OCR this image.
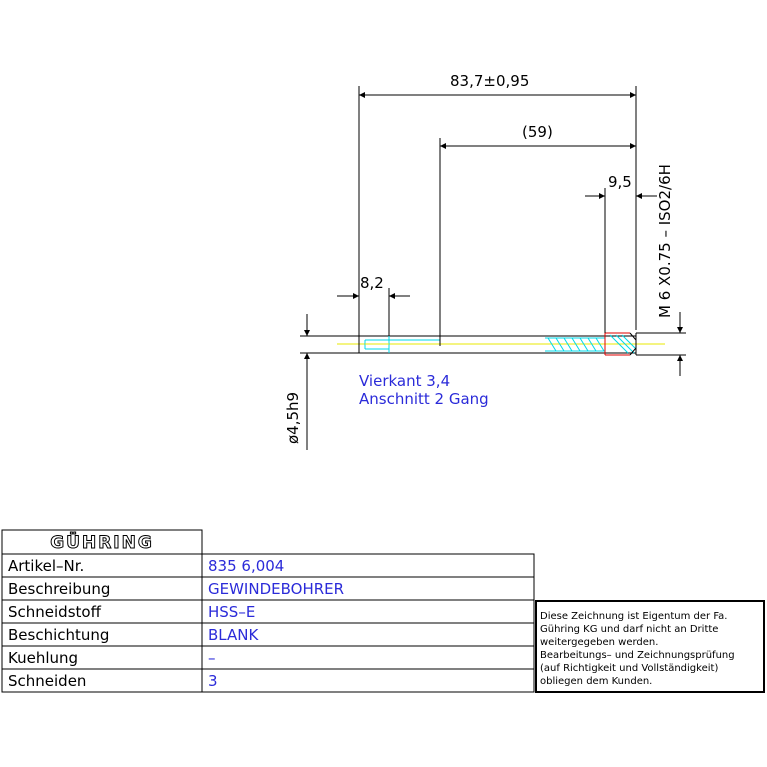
83,7±0,95
(59)
9,5
8,2	M 6 X0.75 – ISO2/6H
ø4,5h9
Vierkant 3,4
Anschnitt 2 Gang
GÜHRING
Artikel–Nr.	835 6,004
Beschreibung	GEWINDEBOHRER
Schneidstoff	HSS–E
Beschichtung	BLANK
Kuehlung	–
Schneiden	3
Diese Zeichnung ist Eigentum der Fa.
Gühring KG und darf nicht an Dritte
weitergegeben werden.
Bearbeitungs– und Zeichnungsprüfung
(auf Richtigkeit und Vollständigkeit)
obliegen dem Kunden.
